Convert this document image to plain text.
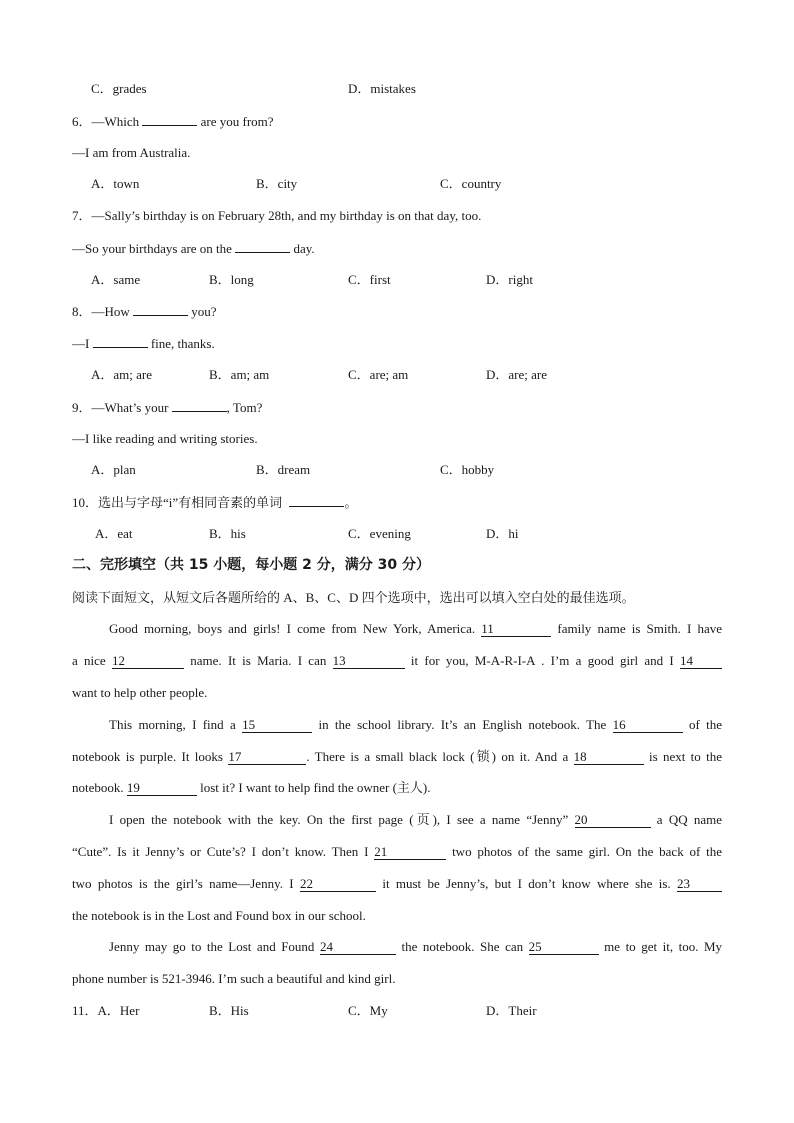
C．grades	D．mistakes
6．—Which	are you from?
—I am from Australia.
A．town	B．city	C．country
7．—Sally’s birthday is on February 28th, and my birthday is on that day, too.
—So your birthdays are on the	day.
A．same	B．long	C．first	D．right
8．—How	you?
—I	fine, thanks.
A．am; are	B．am; am	C．are; am	D．are; are
9．—What’s your	, Tom?
—I like reading and writing stories.
A．plan	B．dream	C．hobby
10．选出与字母“i”有相同音素的单词	。
A．eat	B．his	C．evening	D．hi
二、完形填空（共 15 小题，每小题 2 分，满分 30 分）
阅读下面短文，从短文后各题所给的 A、B、C、D 四个选项中，选出可以填入空白处的最佳选项。
Good morning, boys and girls! I come from New York, America. 11	family name is Smith. I have
a nice 12	name. It is Maria. I can 13	it for you, M-A-R-I-A . I’m a good girl and I 14
want to help other people.
This morning, I find a 15	in the school library. It’s an English notebook. The 16	of the
notebook is purple. It looks 17	. There is a small black lock (锁) on it. And a 18	is next to the
notebook. 19	lost it? I want to help find the owner (主人).
I open the notebook with the key. On the first page (页), I see a name “Jenny” 20	a QQ name
“Cute”. Is it Jenny’s or Cute’s? I don’t know. Then I 21	two photos of the same girl. On the back of the
two photos is the girl’s name—Jenny. I 22	it must be Jenny’s, but I don’t know where she is. 23
the notebook is in the Lost and Found box in our school.
Jenny may go to the Lost and Found 24	the notebook. She can 25	me to get it, too. My
phone number is 521-3946. I’m such a beautiful and kind girl.
11．A．Her	B．His	C．My	D．Their
